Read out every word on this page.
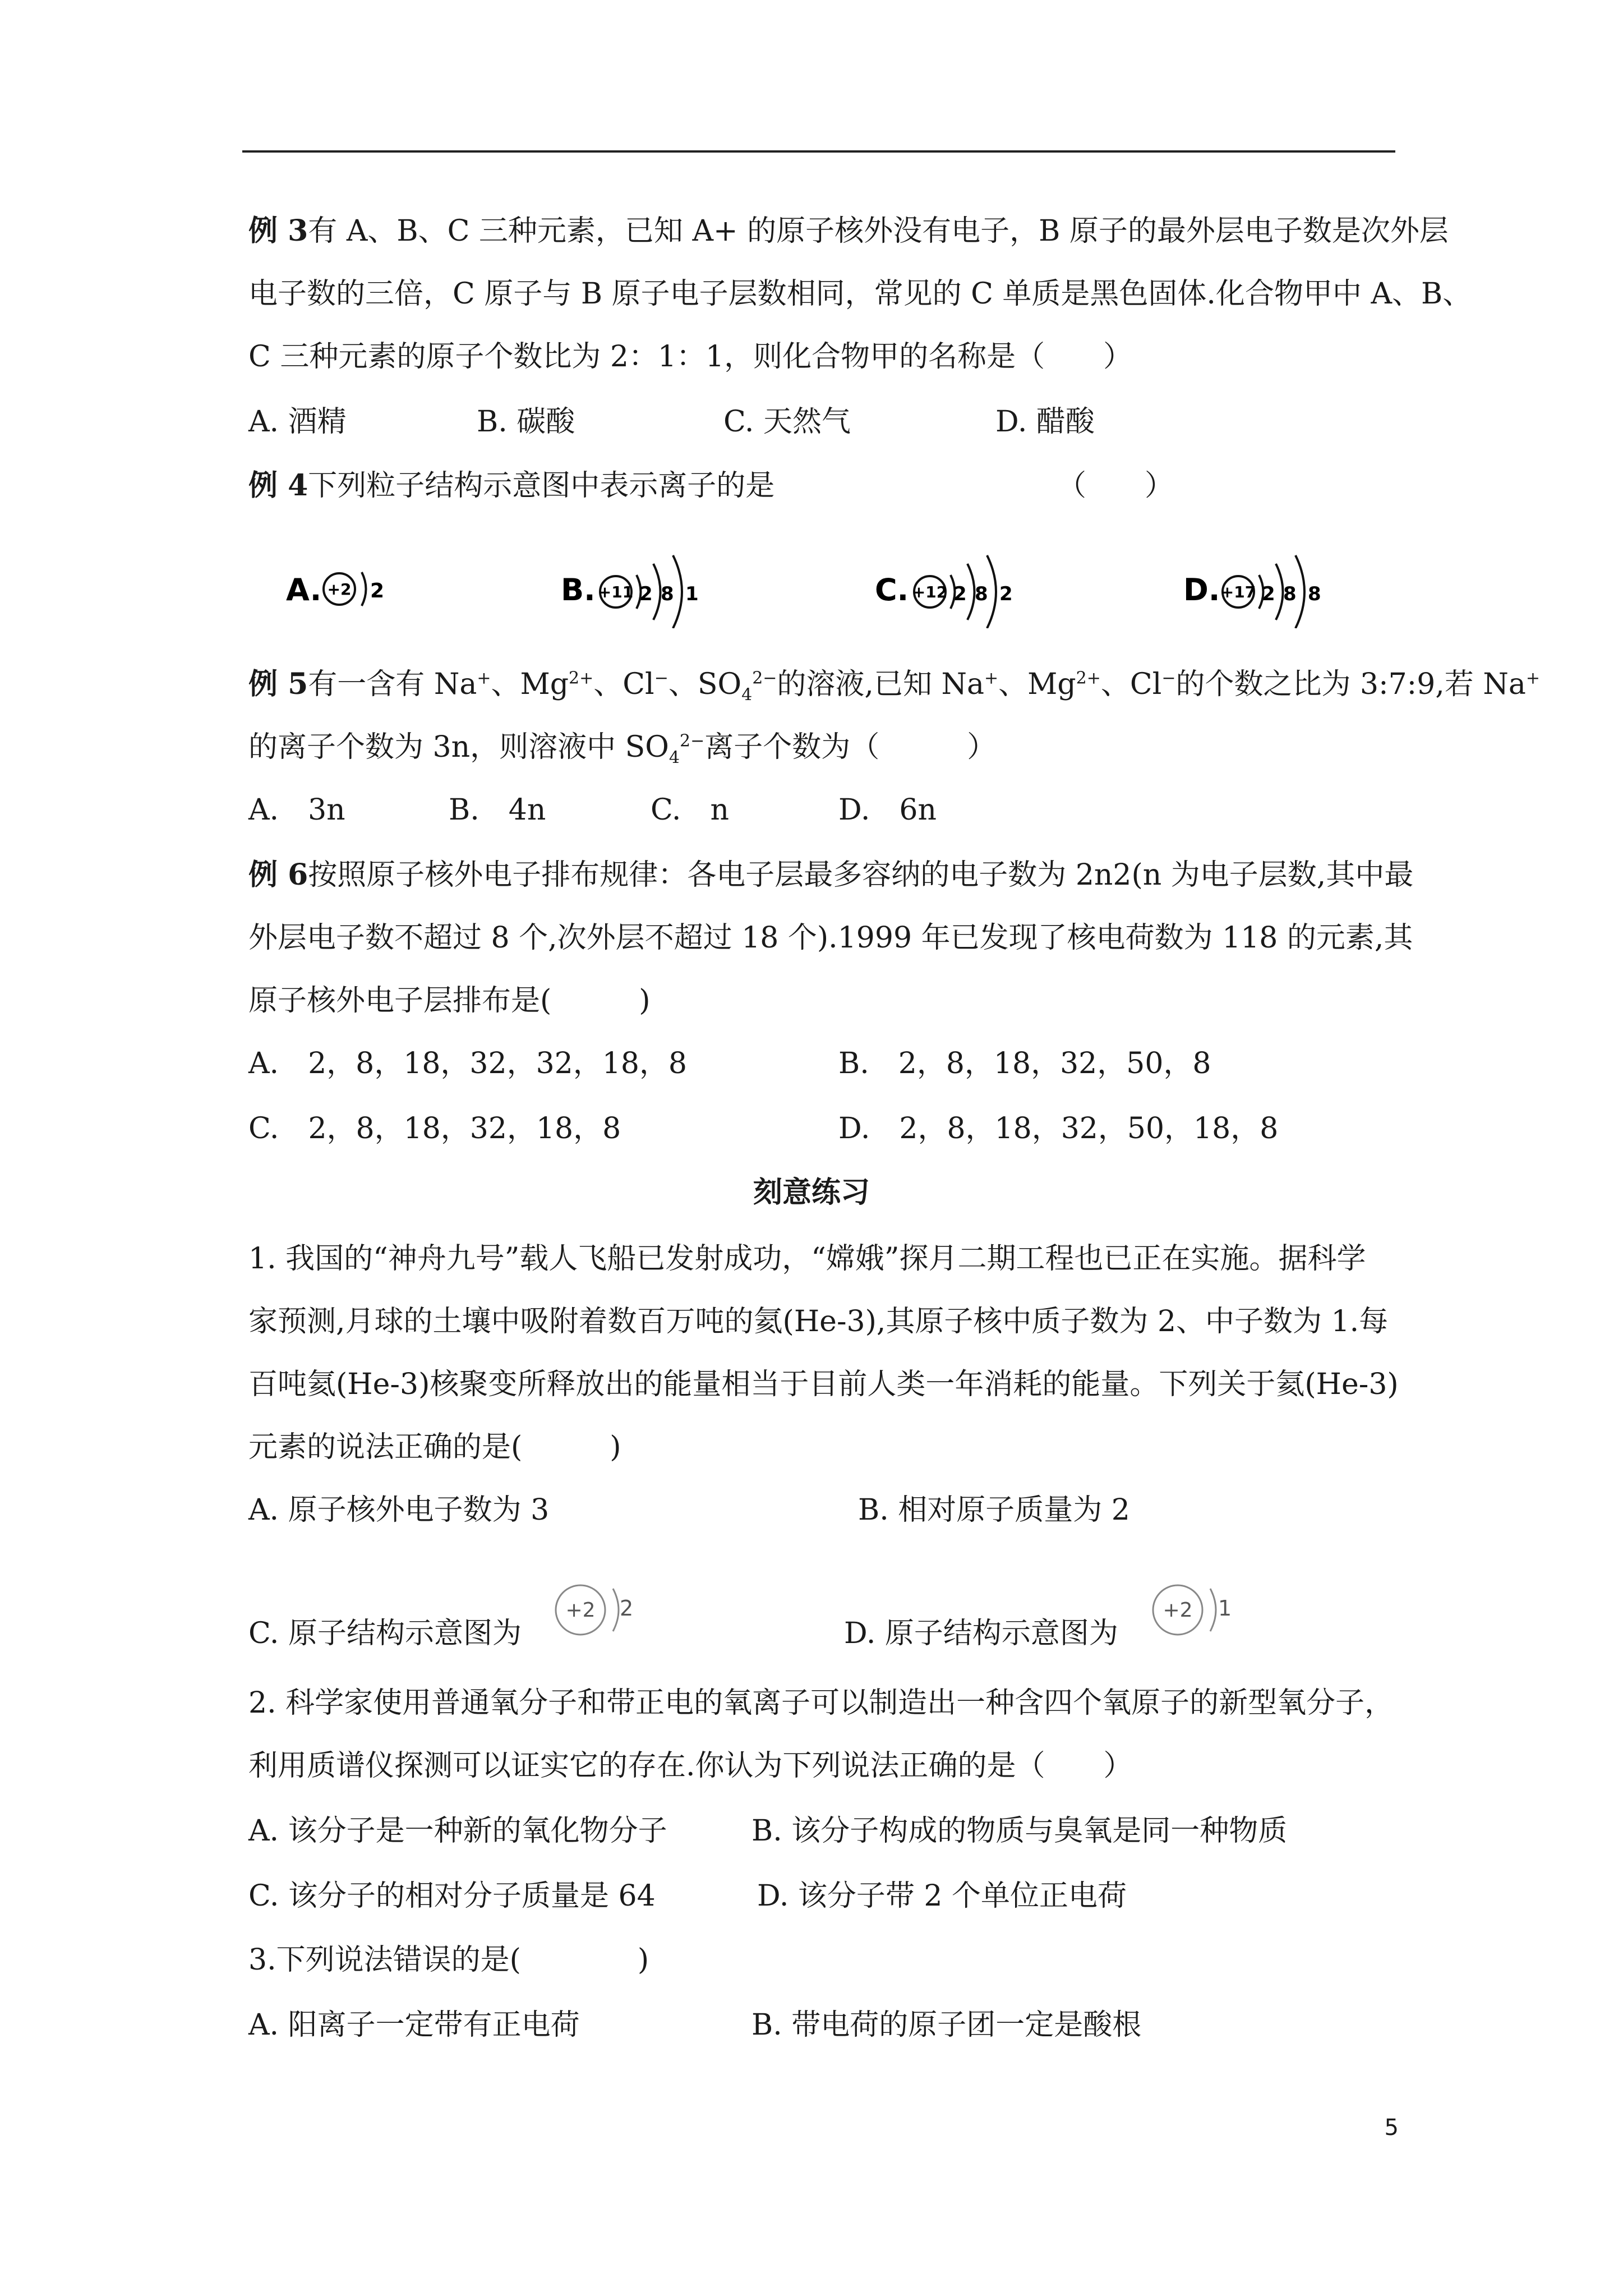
例 3有 A、B、C 三种元素，已知 A+ 的原子核外没有电子，B 原子的最外层电子数是次外层
电子数的三倍，C 原子与 B 原子电子层数相同，常见的 C 单质是黑色固体.化合物甲中 A、B、
C 三种元素的原子个数比为 2：1：1，则化合物甲的名称是（　　）
A. 酒精	B. 碳酸	C. 天然气	D. 醋酸
例 4下列粒子结构示意图中表示离子的是	（　　）
A. +2 2	B. +11 2 8 1	C. +12 2 8 2	D. +17 2 8 8
例 5有一含有 Na+、$Mg^{2+}$、Cl−、$SO_4^{2-}$的溶液,已知 Na+、$Mg^{2+}$、Cl−的个数之比为 3:7:9,若 Na+
的离子个数为 3n，则溶液中 $SO_4^{2-}$离子个数为（　　　）
A.　3n	B.　4n	C.　n	D.　6n
例 6按照原子核外电子排布规律：各电子层最多容纳的电子数为 2n2(n 为电子层数,其中最
外层电子数不超过 8 个,次外层不超过 18 个).1999 年已发现了核电荷数为 118 的元素,其
原子核外电子层排布是(　　　)
A.　2，8，18，32，32，18，8	B.　2，8，18，32，50，8
C.　2，8，18，32，18，8	D.　2，8，18，32，50，18，8
刻意练习
1. 我国的“神舟九号”载人飞船已发射成功，“嫦娥”探月二期工程也已正在实施。据科学
家预测,月球的土壤中吸附着数百万吨的氦(He-3),其原子核中质子数为 2、中子数为 1.每
百吨氦(He-3)核聚变所释放出的能量相当于目前人类一年消耗的能量。下列关于氦(He-3)
元素的说法正确的是(　　　)
A. 原子核外电子数为 3	B. 相对原子质量为 2
C. 原子结构示意图为	D. 原子结构示意图为
+2 2	+2 1
2. 科学家使用普通氧分子和带正电的氧离子可以制造出一种含四个氧原子的新型氧分子，
利用质谱仪探测可以证实它的存在.你认为下列说法正确的是（　　）
A. 该分子是一种新的氧化物分子	B. 该分子构成的物质与臭氧是同一种物质
C. 该分子的相对分子质量是 64	D. 该分子带 2 个单位正电荷
3.下列说法错误的是(　　　　)
A. 阳离子一定带有正电荷	B. 带电荷的原子团一定是酸根
5
